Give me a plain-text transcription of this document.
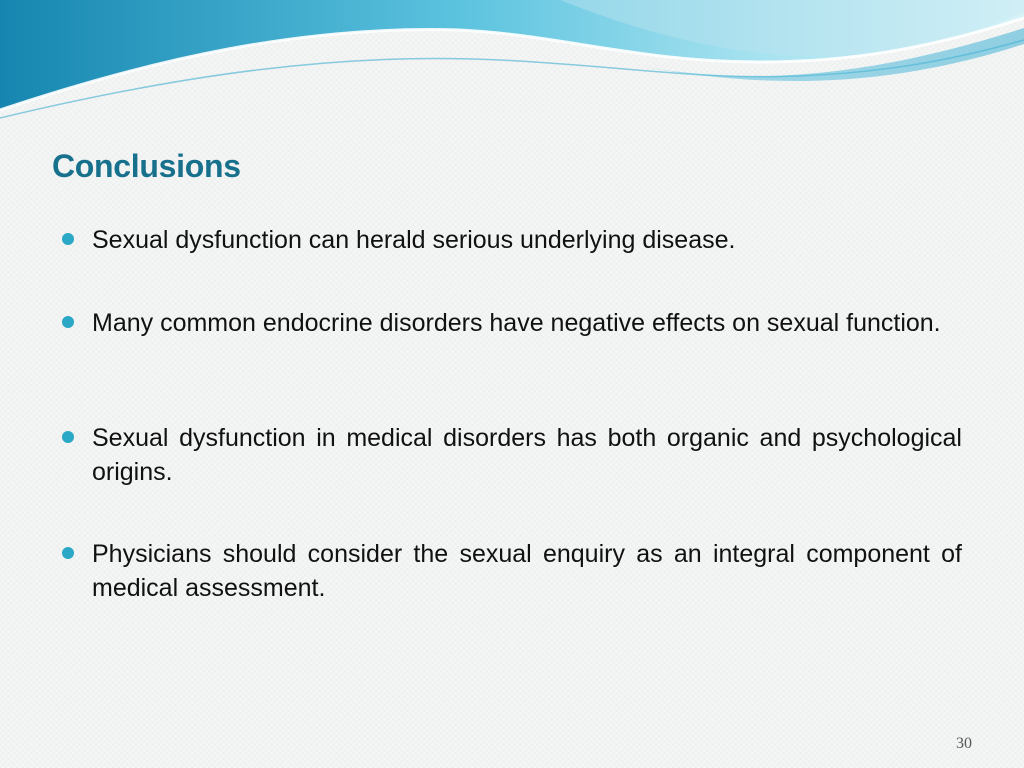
Conclusions
Sexual dysfunction can herald serious underlying disease.
Many common endocrine disorders have negative effects on sexual function.
Sexual dysfunction in medical disorders has both organic and psychological origins.
Physicians should consider the sexual enquiry as an integral component of medical assessment.
30
